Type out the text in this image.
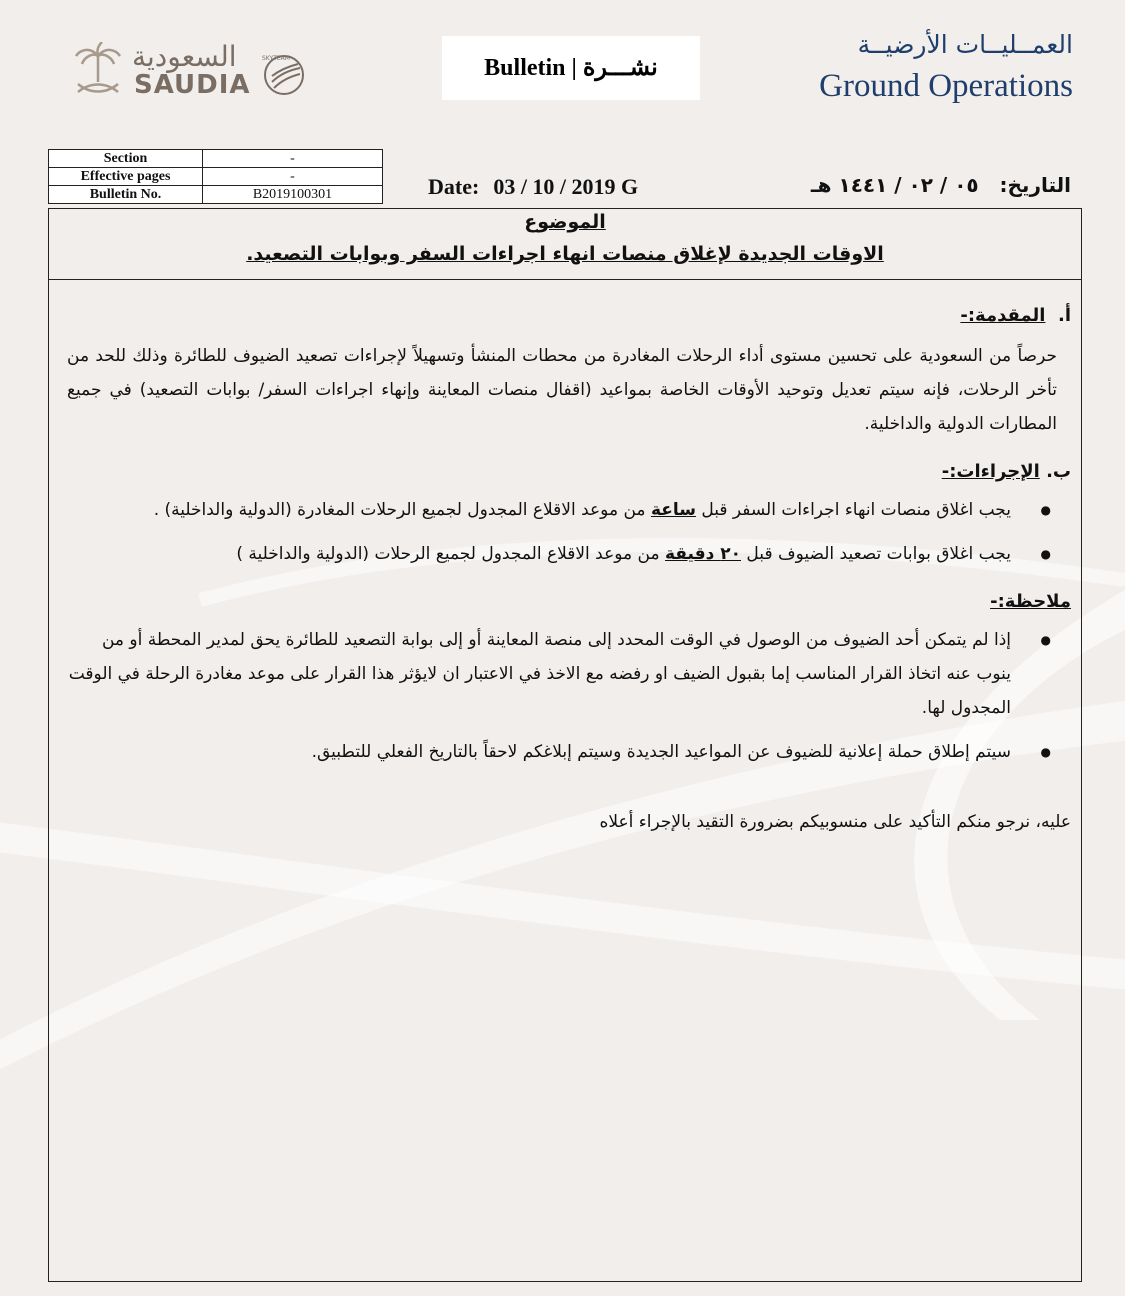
السعودية
SAUDIA
SKYTEAM	Bulletin | نشـــرة
العمــليــات الأرضيــة
Ground Operations
Section	-
Effective pages	-
Bulletin No.	B2019100301	Date: 03 / 10 / 2019 G	التاريخ:   ٠٥ / ٠٢ / ١٤٤١ هـ
الموضوع
الاوقات الجديدة لإغلاق منصات انهاء اجراءات السفر وبوابات التصعيد.
أ.  المقدمة:-
حرصاً من السعودية على تحسين مستوى أداء الرحلات المغادرة من محطات المنشأ وتسهيلاً لإجراءات تصعيد الضيوف للطائرة وذلك للحد من تأخر الرحلات، فإنه سيتم تعديل وتوحيد الأوقات الخاصة بمواعيد (اقفال منصات المعاينة وإنهاء اجراءات السفر/ بوابات التصعيد) في جميع المطارات الدولية والداخلية.
ب. الإجراءات:-
● يجب اغلاق منصات انهاء اجراءات السفر قبل ساعة من موعد الاقلاع المجدول لجميع الرحلات المغادرة (الدولية والداخلية) .
● يجب اغلاق بوابات تصعيد الضيوف قبل ٢٠ دقيقة من موعد الاقلاع المجدول لجميع الرحلات (الدولية والداخلية )
ملاحظة:-
● إذا لم يتمكن أحد الضيوف من الوصول في الوقت المحدد إلى منصة المعاينة أو إلى بوابة التصعيد للطائرة يحق لمدير المحطة أو من ينوب عنه اتخاذ القرار المناسب إما بقبول الضيف او رفضه مع الاخذ في الاعتبار ان لايؤثر هذا القرار على موعد مغادرة الرحلة في الوقت المجدول لها.
● سيتم إطلاق حملة إعلانية للضيوف عن المواعيد الجديدة وسيتم إبلاغكم لاحقاً بالتاريخ الفعلي للتطبيق.
عليه، نرجو منكم التأكيد على منسوبيكم بضرورة التقيد بالإجراء أعلاه
